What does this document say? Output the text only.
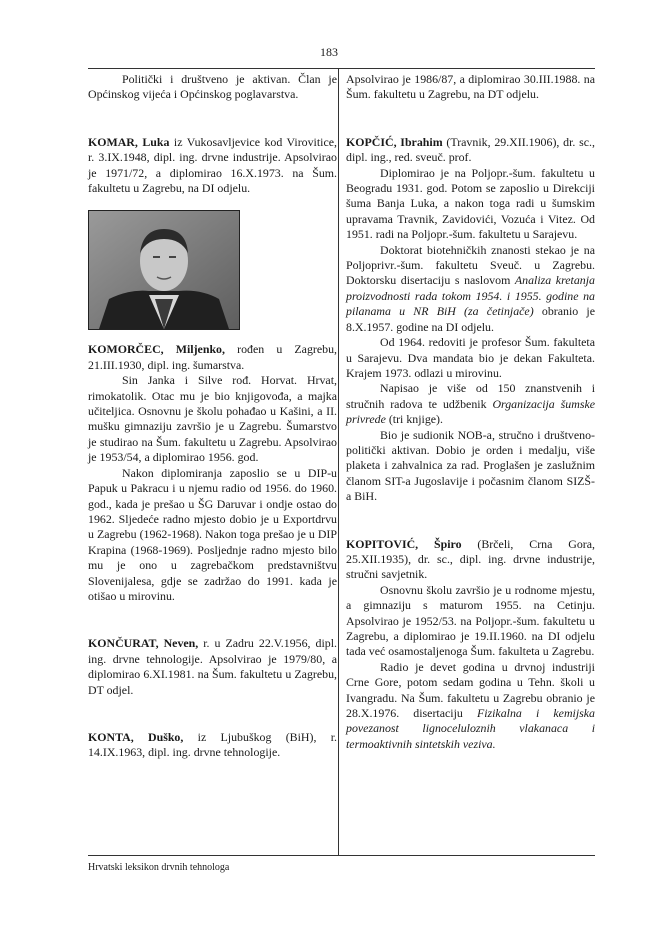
183

Politički i društveno je aktivan. Član je Općinskog vijeća i Općinskog poglavarstva.

KOMAR, Luka iz Vukosavljevice kod Virovitice, r. 3.IX.1948, dipl. ing. drvne industrije. Apsolvirao je 1971/72, a diplomirao 16.X.1973. na Šum. fakultetu u Zagrebu, na DI odjelu.

KOMORČEC, Miljenko, rođen u Zagrebu, 21.III.1930, dipl. ing. šumarstva.

Sin Janka i Silve rođ. Horvat. Hrvat, rimokatolik. Otac mu je bio knjigovođa, a majka učiteljica. Osnovnu je školu pohađao u Kašini, a II. mušku gimnaziju završio je u Zagrebu. Šumarstvo je studirao na Šum. fakultetu u Zagrebu. Apsolvirao je 1953/54, a diplomirao 1956. god.

Nakon diplomiranja zaposlio se u DIP-u Papuk u Pakracu i u njemu radio od 1956. do 1960. god., kada je prešao u ŠG Daruvar i ondje ostao do 1962. Sljedeće radno mjesto dobio je u Exportdrvu u Zagrebu (1962-1968). Nakon toga prešao je u DIP Krapina (1968-1969). Posljednje radno mjesto bilo mu je ono u zagrebačkom predstavništvu Slovenijalesa, gdje se zadržao do 1991. kada je otišao u mirovinu.

KONČURAT, Neven, r. u Zadru 22.V.1956, dipl. ing. drvne tehnologije. Apsolvirao je 1979/80, a diplomirao 6.XI.1981. na Šum. fakultetu u Zagrebu, DT odjel.

KONTA, Duško, iz Ljubuškog (BiH), r. 14.IX.1963, dipl. ing. drvne tehnologije.

Apsolvirao je 1986/87, a diplomirao 30.III.1988. na Šum. fakultetu u Zagrebu, na DT odjelu.

KOPČIĆ, Ibrahim (Travnik, 29.XII.1906), dr. sc., dipl. ing., red. sveuč. prof.

Diplomirao je na Poljopr.-šum. fakultetu u Beogradu 1931. god. Potom se zaposlio u Direkciji šuma Banja Luka, a nakon toga radi u šumskim upravama Travnik, Zavidovići, Vozuća i Vitez. Od 1951. radi na Poljopr.-šum. fakultetu u Sarajevu.

Doktorat biotehničkih znanosti stekao je na Poljoprivr.-šum. fakultetu Sveuč. u Zagrebu. Doktorsku disertaciju s naslovom Analiza kretanja proizvodnosti rada tokom 1954. i 1955. godine na pilanama u NR BiH (za četinjače) obranio je 8.X.1957. godine na DI odjelu.

Od 1964. redoviti je profesor Šum. fakulteta u Sarajevu. Dva mandata bio je dekan Fakulteta. Krajem 1973. odlazi u mirovinu.

Napisao je više od 150 znanstvenih i stručnih radova te udžbenik Organizacija šumske privrede (tri knjige).

Bio je sudionik NOB-a, stručno i društveno-politički aktivan. Dobio je orden i medalju, više plaketa i zahvalnica za rad. Proglašen je zaslužnim članom SIT-a Jugoslavije i počasnim članom SIZŠ-a BiH.

KOPITOVIĆ, Špiro (Brčeli, Crna Gora, 25.XII.1935), dr. sc., dipl. ing. drvne industrije, stručni savjetnik.

Osnovnu školu završio je u rodnome mjestu, a gimnaziju s maturom 1955. na Cetinju. Apsolvirao je 1952/53. na Poljopr.-šum. fakultetu u Zagrebu, a diplomirao je 19.II.1960. na DI odjelu tada već osamostaljenoga Šum. fakulteta u Zagrebu.

Radio je devet godina u drvnoj industriji Crne Gore, potom sedam godina u Tehn. školi u Ivangradu. Na Šum. fakultetu u Zagrebu obranio je 28.X.1976. disertaciju Fizikalna i kemijska povezanost lignoceluloznih vlakanaca i termoaktivnih sintetskih veziva.

Hrvatski leksikon drvnih tehnologa
